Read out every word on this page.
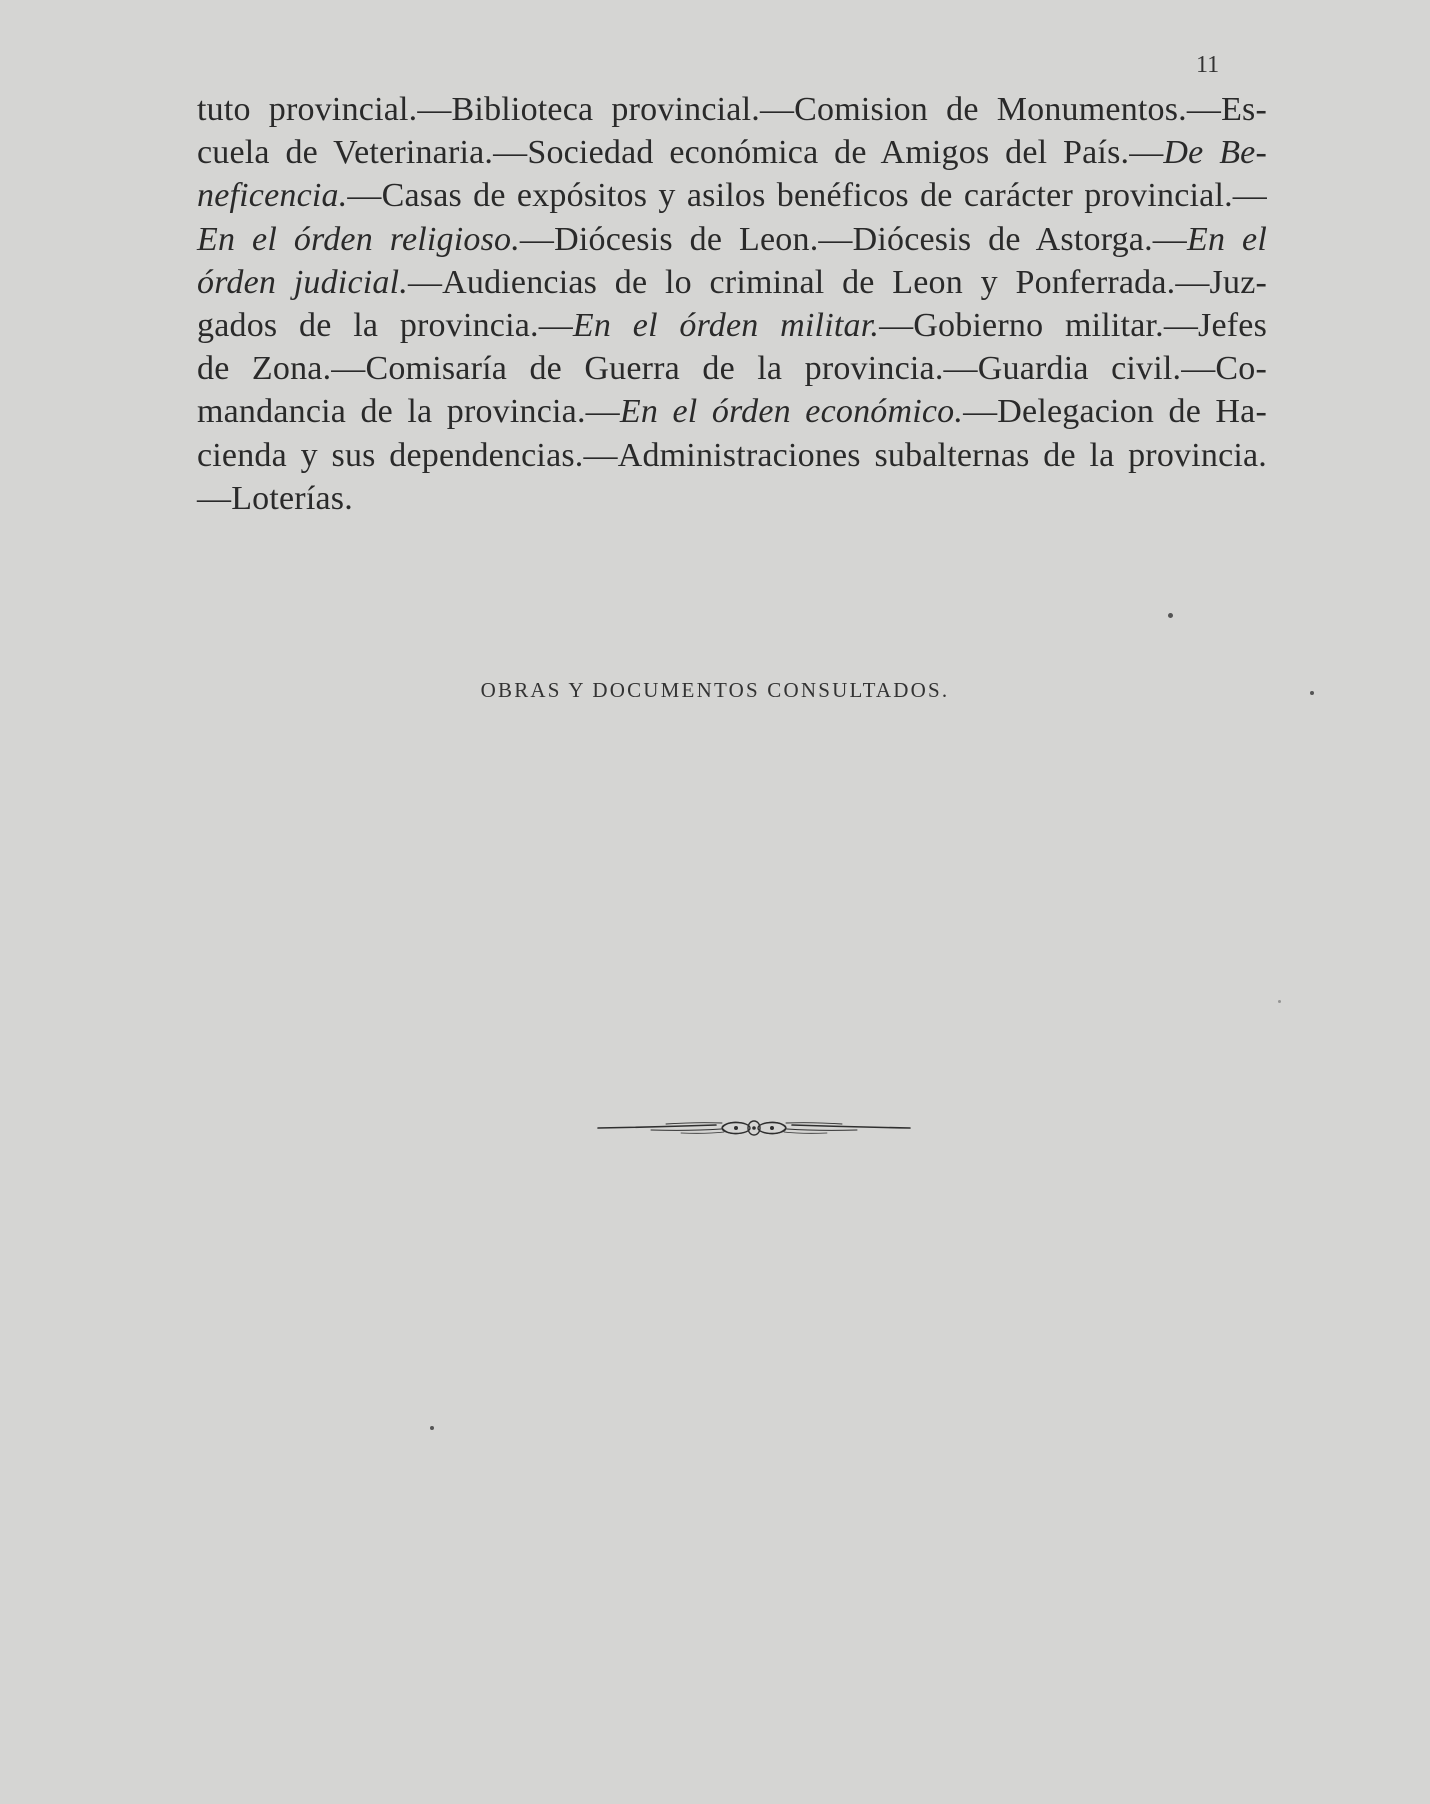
11
tuto provincial.—Biblioteca provincial.—Comision de Monumentos.—Es-
cuela de Veterinaria.—Sociedad económica de Amigos del País.—De Be-
neficencia.—Casas de expósitos y asilos benéficos de carácter provincial.—
En el órden religioso.—Diócesis de Leon.—Diócesis de Astorga.—En el
órden judicial.—Audiencias de lo criminal de Leon y Ponferrada.—Juz-
gados de la provincia.—En el órden militar.—Gobierno militar.—Jefes
de Zona.—Comisaría de Guerra de la provincia.—Guardia civil.—Co-
mandancia de la provincia.—En el órden económico.—Delegacion de Ha-
cienda y sus dependencias.—Administraciones subalternas de la provincia.
—Loterías.
OBRAS Y DOCUMENTOS CONSULTADOS.
